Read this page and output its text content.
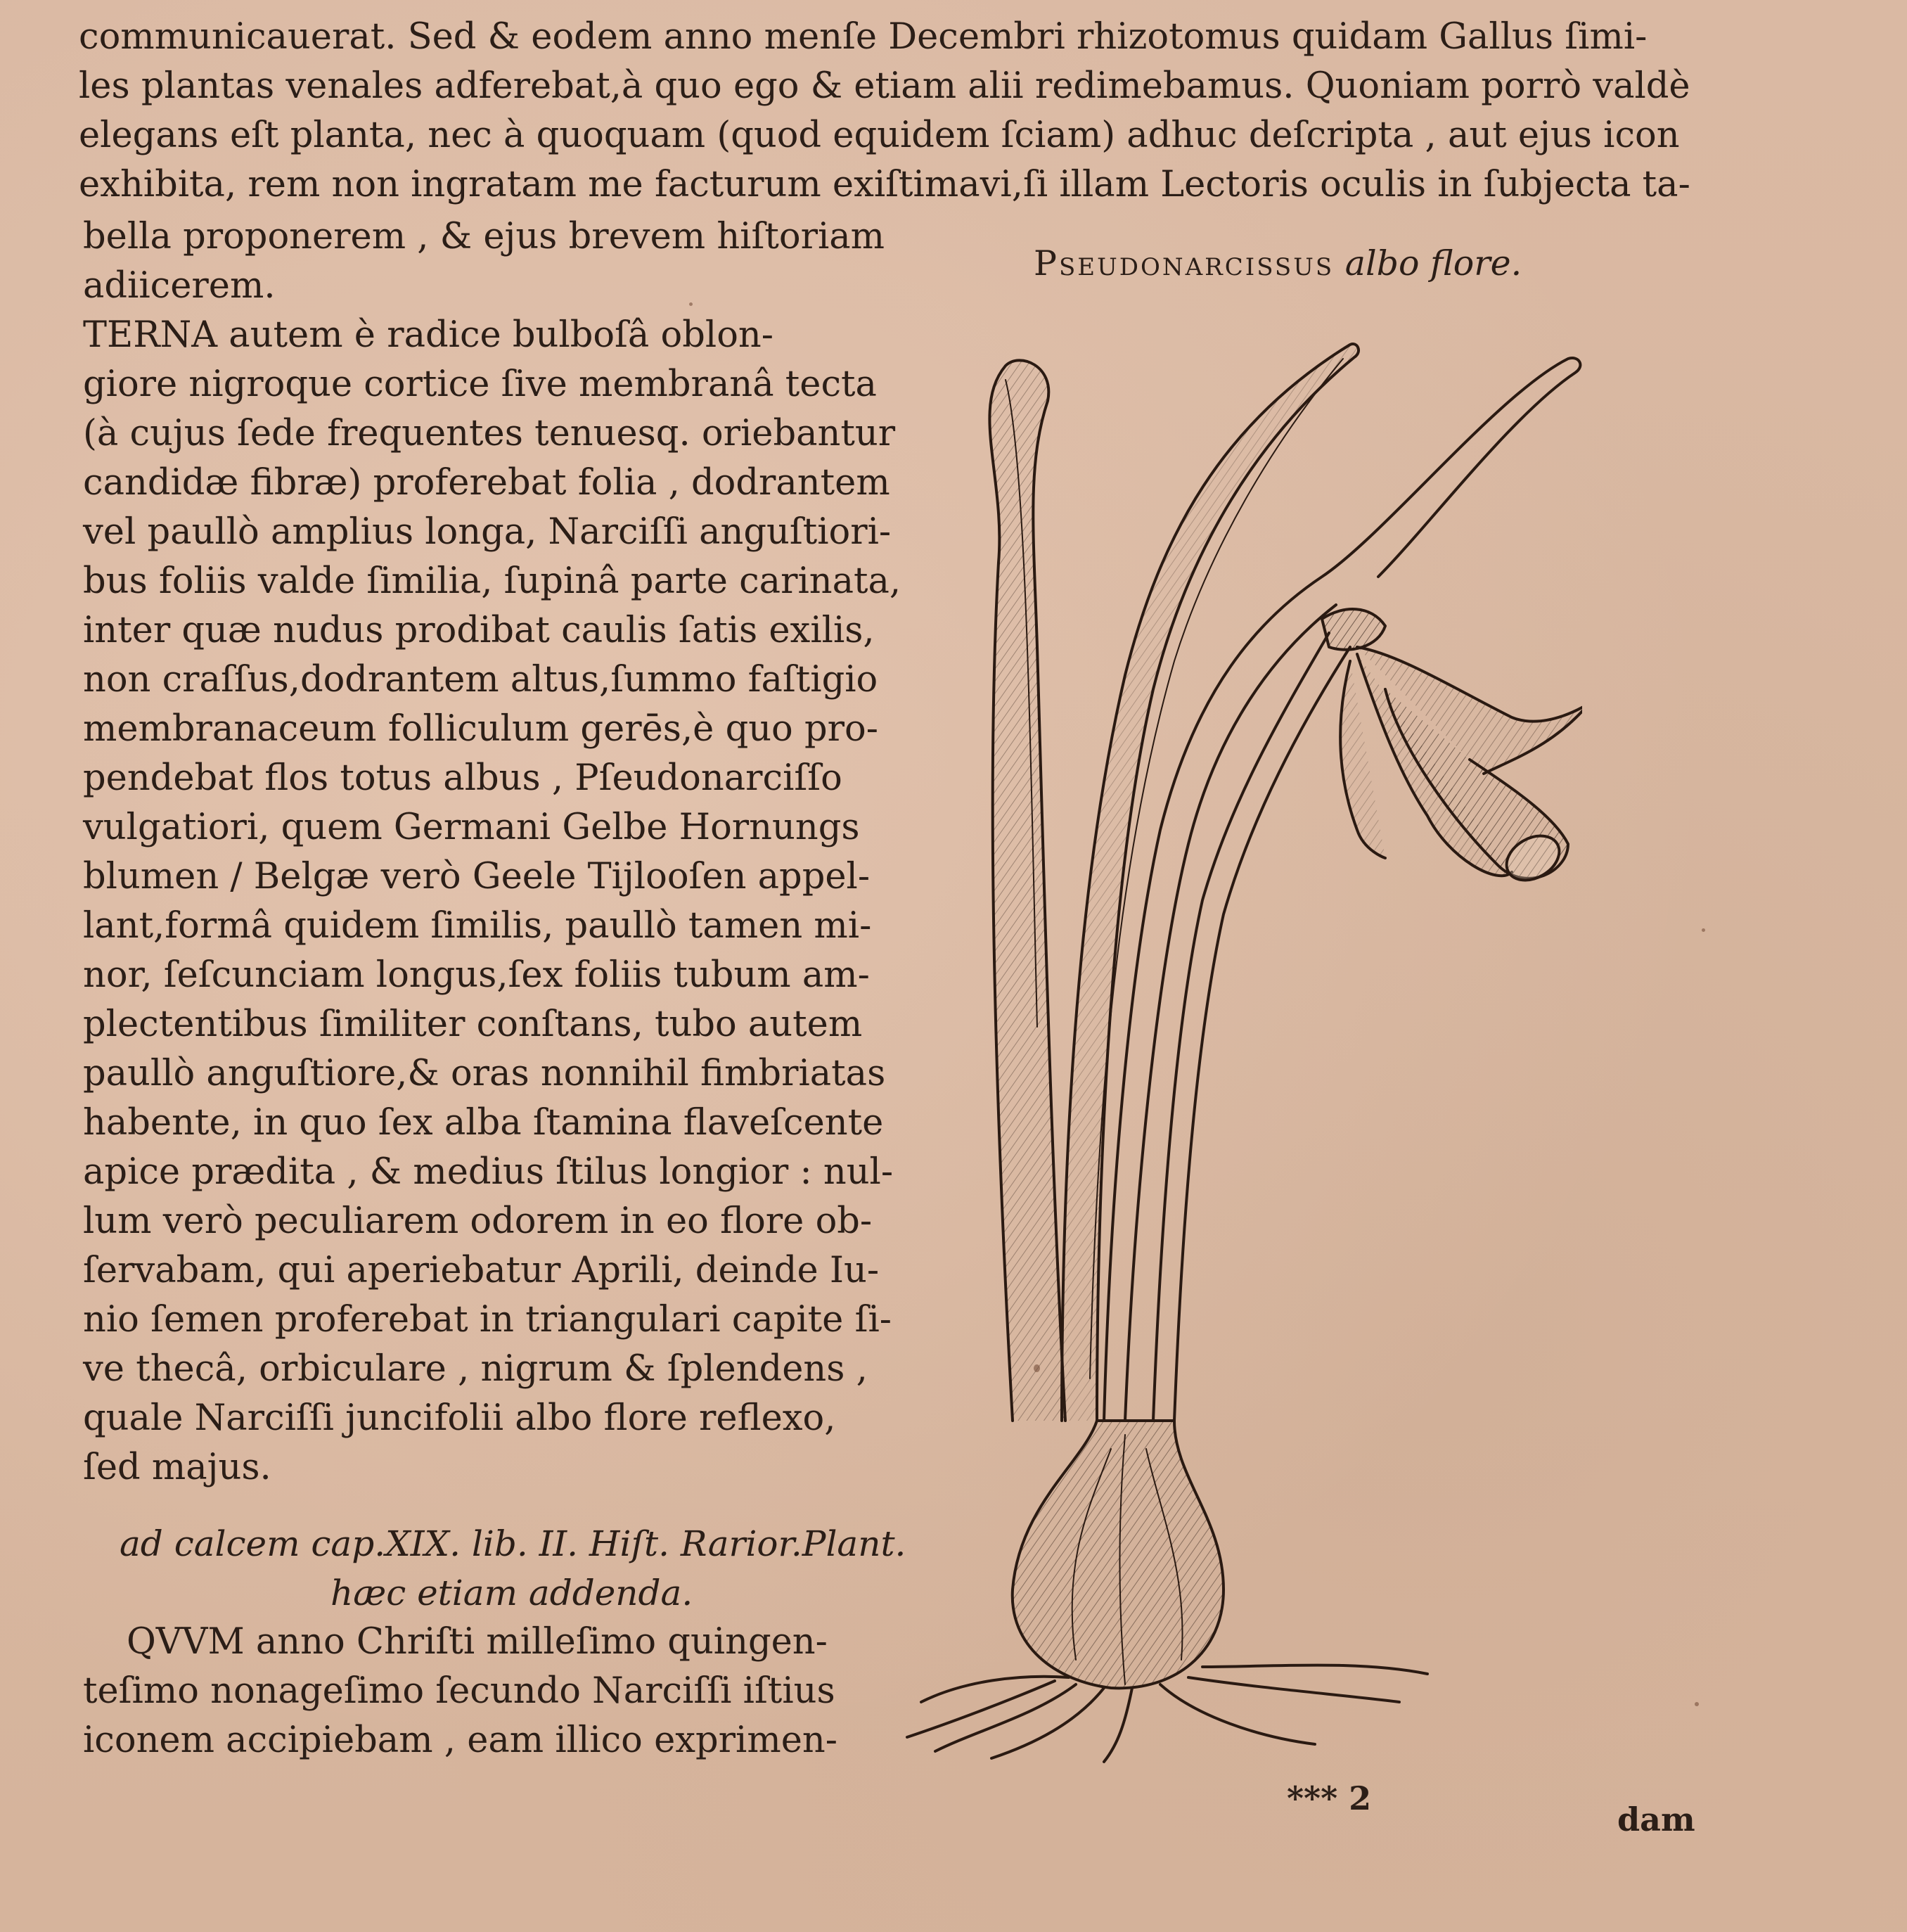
communicauerat. Sed & eodem anno menſe Decembri rhizotomus quidam Gallus ſimi-
les plantas venales adferebat,à quo ego & etiam alii redimebamus. Quoniam porrò valdè
elegans eſt planta, nec à quoquam (quod equidem ſciam) adhuc deſcripta , aut ejus icon
exhibita, rem non ingratam me facturum exiſtimavi,ſi illam Lectoris oculis in ſubjecta ta-
bella proponerem , & ejus brevem hiſtoriam
adiicerem.
TERNA autem è radice bulboſâ oblon-
giore nigroque cortice ſive membranâ tecta
(à cujus ſede frequentes tenuesq. oriebantur
candidæ fibræ) proferebat folia , dodrantem
vel paullò amplius longa, Narciſſi anguſtiori-
bus foliis valde ſimilia, ſupinâ parte carinata,
inter quæ nudus prodibat caulis ſatis exilis,
non craſſus,dodrantem altus,ſummo faſtigio
membranaceum folliculum gerēs,è quo pro-
pendebat flos totus albus , Pſeudonarciſſo
vulgatiori, quem Germani Gelbe Hornungs
blumen / Belgæ verò Geele Tijlooſen appel-
lant,formâ quidem ſimilis, paullò tamen mi-
nor, ſeſcunciam longus,ſex foliis tubum am-
plectentibus ſimiliter conſtans, tubo autem
paullò anguſtiore,& oras nonnihil fimbriatas
habente, in quo ſex alba ſtamina flaveſcente
apice prædita , & medius ſtilus longior : nul-
lum verò peculiarem odorem in eo flore ob-
ſervabam, qui aperiebatur Aprili, deinde Iu-
nio ſemen proferebat in triangulari capite ſi-
ve thecâ, orbiculare , nigrum & ſplendens ,
quale Narciſſi juncifolii albo flore reflexo,
ſed majus.
ad calcem cap.XIX. lib. II. Hiſt. Rarior.Plant.
hæc etiam addenda.
QVVM anno Chriſti milleſimo quingen-
teſimo nonageſimo ſecundo Narciſſi iſtius
iconem accipiebam , eam illico exprimen-
Pseudonarcissus albo flore.
*** 2
dam
